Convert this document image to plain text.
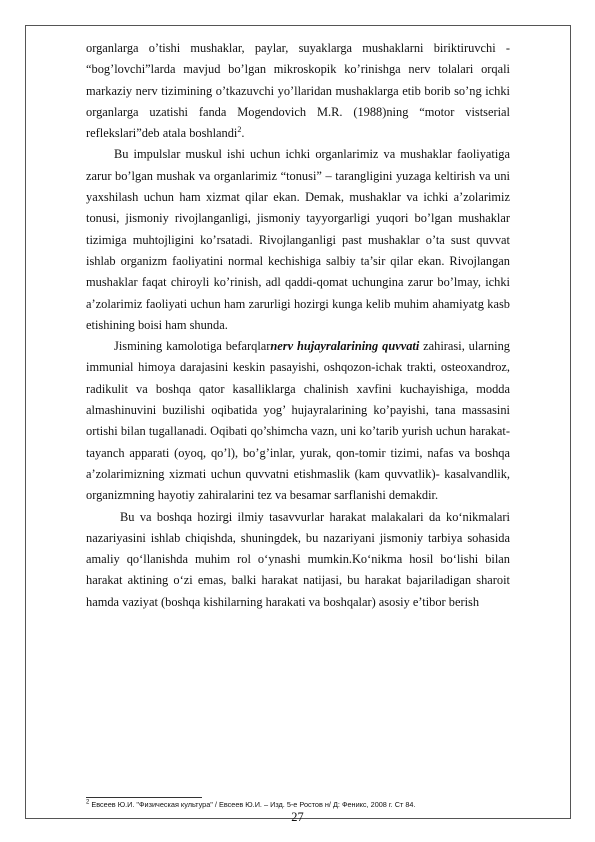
organlarga o’tishi mushaklar, paylar, suyaklarga mushaklarni biriktiruvchi - “bog’lovchi”larda mavjud bo’lgan mikroskopik ko’rinishga nerv tolalari orqali markaziy nerv tizimining o’tkazuvchi yo’llaridan mushaklarga etib borib so’ng ichki organlarga uzatishi fanda Mogendovich M.R. (1988)ning “motor vistserial reflekslari”deb atala boshlandi$^2$.

Bu impulslar muskul ishi uchun ichki organlarimiz va mushaklar faoliyatiga zarur bo’lgan mushak va organlarimiz “tonusi” – tarangligini yuzaga keltirish va uni yaxshilash uchun ham xizmat qilar ekan. Demak, mushaklar va ichki a’zolarimiz tonusi, jismoniy rivojlanganligi, jismoniy tayyorgarligi yuqori bo’lgan mushaklar tizimiga muhtojligini ko’rsatadi. Rivojlanganligi past mushaklar o’ta sust quvvat ishlab organizm faoliyatini normal kechishiga salbiy ta’sir qilar ekan. Rivojlangan mushaklar faqat chiroyli ko’rinish, adl qaddi-qomat uchungina zarur bo’lmay, ichki a’zolarimiz faoliyati uchun ham zarurligi hozirgi kunga kelib muhim ahamiyatg kasb etishining boisi ham shunda.

Jismining kamolotiga befarqlarnerv hujayralarining quvvati zahirasi, ularning immunial himoya darajasini keskin pasayishi, oshqozon-ichak trakti, osteoxandroz, radikulit va boshqa qator kasalliklarga chalinish xavfini kuchayishiga, modda almashinuvini buzilishi oqibatida yog’ hujayralarining ko’payishi, tana massasini ortishi bilan tugallanadi. Oqibati qo’shimcha vazn, uni ko’tarib yurish uchun harakat-tayanch apparati (oyoq, qo’l), bo’g’inlar, yurak, qon-tomir tizimi, nafas va boshqa a’zolarimizning xizmati uchun quvvatni etishmaslik (kam quvvatlik)- kasalvandlik, organizmning hayotiy zahiralarini tez va besamar sarflanishi demakdir.

Bu va boshqa hozirgi ilmiy tasavvurlar harakat malakalari da ko‘nikmalari nazariyasini ishlab chiqishda, shuningdek, bu nazariyani jismoniy tarbiya sohasida amaliy qo‘llanishda muhim rol o‘ynashi mumkin.Ko‘nikma hosil bo‘lishi bilan harakat aktining o‘zi emas, balki harakat natijasi, bu harakat bajariladigan sharoit hamda vaziyat (boshqa kishilarning harakati va boshqalar) asosiy e’tibor berish

$^2$ Евсеев Ю.И. "Физическая культура" / Евсеев Ю.И. – Изд. 5-е Ростов н/ Д: Феникс, 2008 г. Ст 84.
27
